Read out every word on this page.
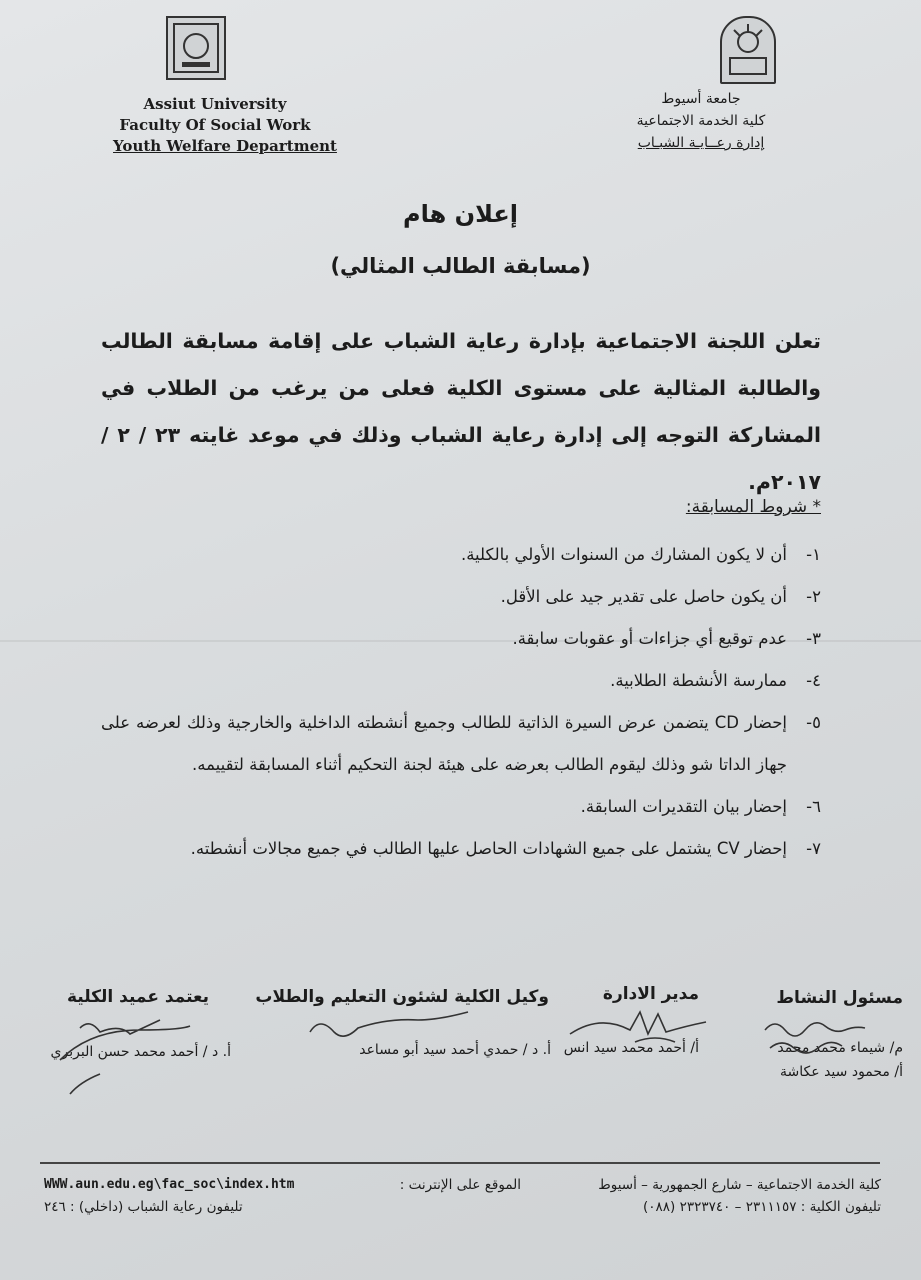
Assiut University
Faculty Of Social Work
Youth Welfare Department
جامعة أسيوط
كلية الخدمة الاجتماعية
إدارة رعــايـة الشبـاب
إعلان هام
(مسابقة الطالب المثالي)
تعلن اللجنة الاجتماعية بإدارة رعاية الشباب على إقامة مسابقة الطالب والطالبة المثالية على مستوى الكلية فعلى من يرغب من الطلاب في المشاركة التوجه إلى إدارة رعاية الشباب وذلك في موعد غايته ٢٣ / ٢ / ٢٠١٧م.
* شروط المسابقة:
١-
أن لا يكون المشارك من السنوات الأولي بالكلية.
٢-
أن يكون حاصل على تقدير جيد على الأقل.
٣-
عدم توقيع أي جزاءات أو عقوبات سابقة.
٤-
ممارسة الأنشطة الطلابية.
٥-
إحضار CD يتضمن عرض السيرة الذاتية للطالب وجميع أنشطته الداخلية والخارجية وذلك لعرضه على جهاز الداتا شو وذلك ليقوم الطالب بعرضه على هيئة لجنة التحكيم أثناء المسابقة لتقييمه.
٦-
إحضار بيان التقديرات السابقة.
٧-
إحضار CV يشتمل على جميع الشهادات الحاصل عليها الطالب في جميع مجالات أنشطته.
مسئول النشاط
م/ شيماء محمد محمد
أ/ محمود سيد عكاشة
مدير الادارة
أ/ أحمد محمد سيد انس
وكيل الكلية لشئون التعليم والطلاب
أ. د / حمدي أحمد سيد أبو مساعد
يعتمد عميد الكلية
أ. د / أحمد محمد حسن البربري
كلية الخدمة الاجتماعية – شارع الجمهورية – أسيوط
تليفون الكلية : ٢٣١١١٥٧ – ٢٣٢٣٧٤٠ (٠٨٨)
الموقع على الإنترنت :
WWW.aun.edu.eg\fac_soc\index.htm
تليفون رعاية الشباب (داخلي) : ٢٤٦
